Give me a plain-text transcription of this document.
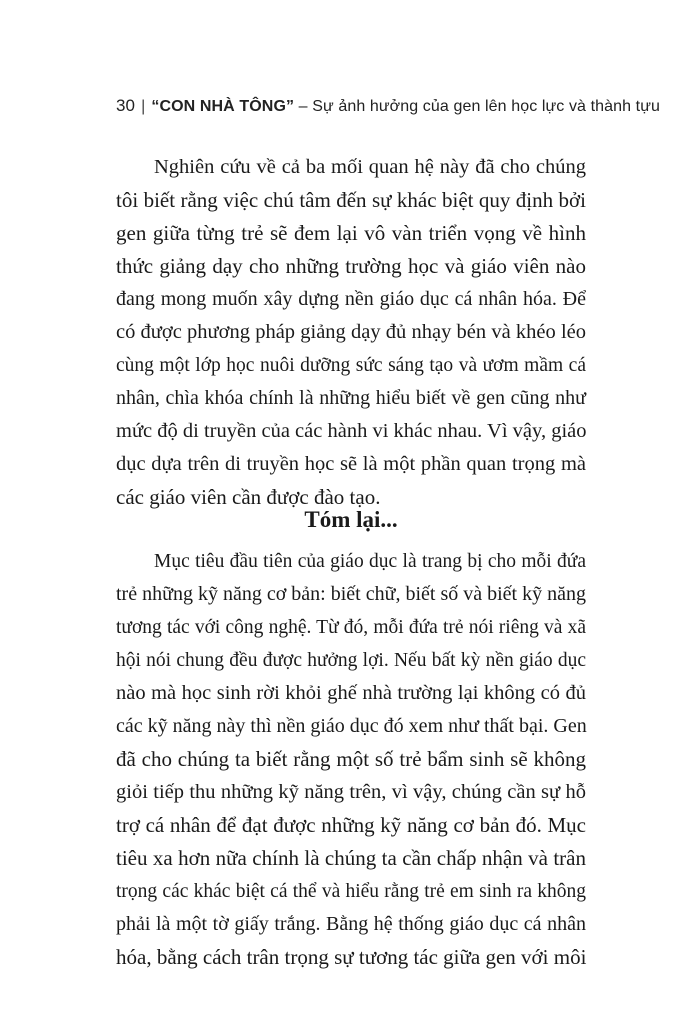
30 | “CON NHÀ TÔNG” – Sự ảnh hưởng của gen lên học lực và thành tựu
Nghiên cứu về cả ba mối quan hệ này đã cho chúng
tôi biết rằng việc chú tâm đến sự khác biệt quy định bởi
gen giữa từng trẻ sẽ đem lại vô vàn triển vọng về hình
thức giảng dạy cho những trường học và giáo viên nào
đang mong muốn xây dựng nền giáo dục cá nhân hóa. Để
có được phương pháp giảng dạy đủ nhạy bén và khéo léo
cùng một lớp học nuôi dưỡng sức sáng tạo và ươm mầm cá
nhân, chìa khóa chính là những hiểu biết về gen cũng như
mức độ di truyền của các hành vi khác nhau. Vì vậy, giáo
dục dựa trên di truyền học sẽ là một phần quan trọng mà
các giáo viên cần được đào tạo.
Tóm lại...
Mục tiêu đầu tiên của giáo dục là trang bị cho mỗi đứa
trẻ những kỹ năng cơ bản: biết chữ, biết số và biết kỹ năng
tương tác với công nghệ. Từ đó, mỗi đứa trẻ nói riêng và xã
hội nói chung đều được hưởng lợi. Nếu bất kỳ nền giáo dục
nào mà học sinh rời khỏi ghế nhà trường lại không có đủ
các kỹ năng này thì nền giáo dục đó xem như thất bại. Gen
đã cho chúng ta biết rằng một số trẻ bẩm sinh sẽ không
giỏi tiếp thu những kỹ năng trên, vì vậy, chúng cần sự hỗ
trợ cá nhân để đạt được những kỹ năng cơ bản đó. Mục
tiêu xa hơn nữa chính là chúng ta cần chấp nhận và trân
trọng các khác biệt cá thể và hiểu rằng trẻ em sinh ra không
phải là một tờ giấy trắng. Bằng hệ thống giáo dục cá nhân
hóa, bằng cách trân trọng sự tương tác giữa gen với môi
